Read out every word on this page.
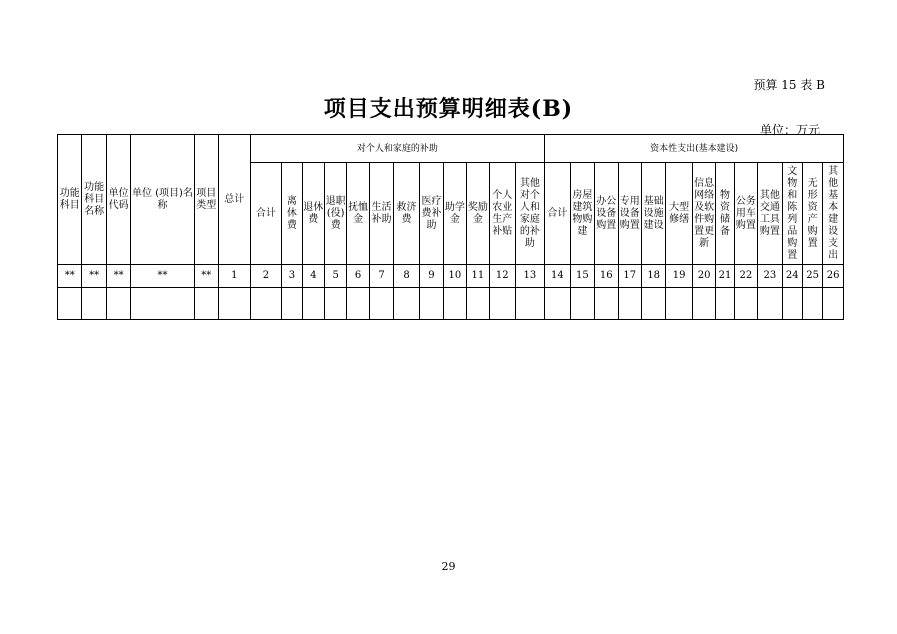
预算 15 表 B
项目支出预算明细表(B)
单位：万元
功能科目	功能科目名称	单位代码	单位 (项目)名称	项目类型	总计	对个人和家庭的补助												资本性支出(基本建设)												
						合计	离休费	退休费	退职(役)费	抚恤金	生活补助	救济费	医疗费补助	助学金	奖励金	个人农业生产补贴	其他对个人和家庭的补助	合计	房屋建筑物购建	办公设备购置	专用设备购置	基础设施建设	大型修缮	信息网络及软件购置更新	物资储备	公务用车购置	其他交通工具购置	文物和陈列品购置	无形资产购置	其他基本建设支出
**	**	**	**	**	1	2	3	4	5	6	7	8	9	10	11	12	13	14	15	16	17	18	19	20	21	22	23	24	25	26

29
